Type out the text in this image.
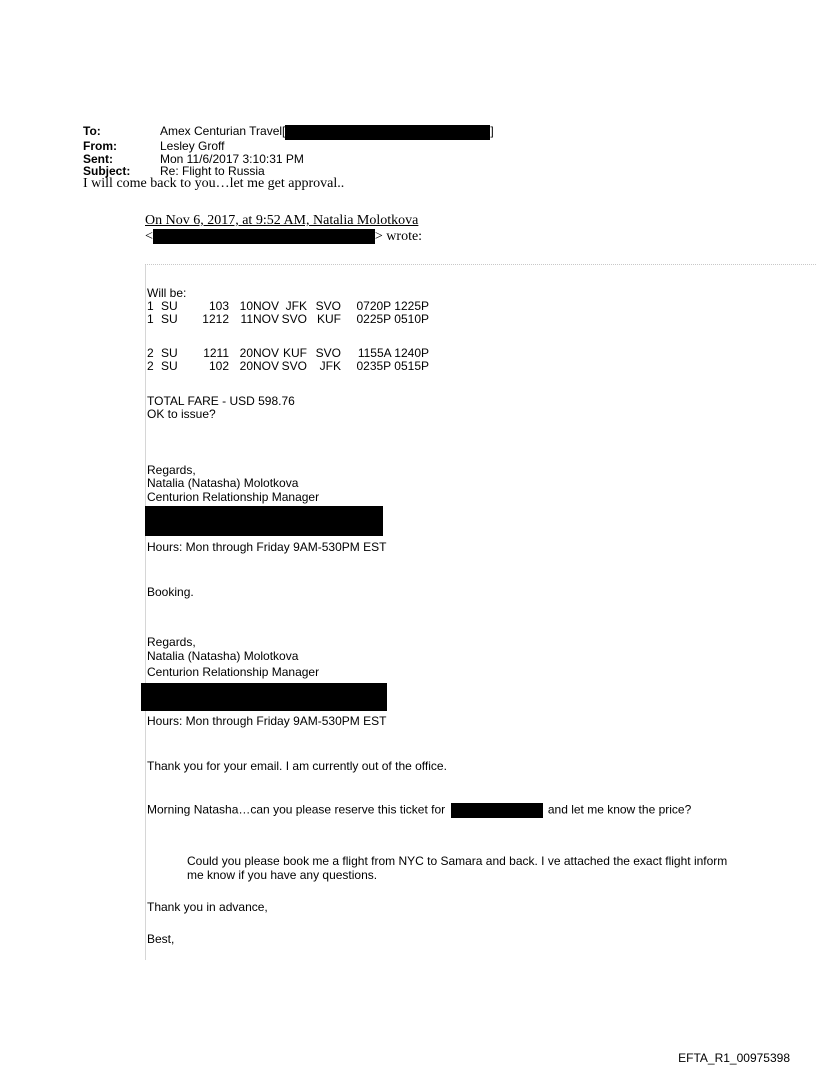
To:	Amex Centurian Travel[	]
From:	Lesley Groff
Sent:	Mon 11/6/2017 3:10:31 PM
Subject:	Re: Flight to Russia
I will come back to you…let me get approval..
On Nov 6, 2017, at 9:52 AM, Natalia Molotkova
<	> wrote:
Will be:
1 SU	103 10NOV JFK SVO 0720P 1225P
1 SU 1212 11NOV SVO KUF 0225P 0510P
2 SU 1211 20NOV KUF SVO 1155A 1240P
2 SU	102 20NOV SVO JFK 0235P 0515P
TOTAL FARE - USD 598.76
OK to issue?
Regards,
Natalia (Natasha) Molotkova
Centurion Relationship Manager
Hours: Mon through Friday 9AM-530PM EST
Booking.
Regards,
Natalia (Natasha) Molotkova
Centurion Relationship Manager
Hours: Mon through Friday 9AM-530PM EST
Thank you for your email. I am currently out of the office.
Morning Natasha…can you please reserve this ticket for	and let me know the price?
Could you please book me a flight from NYC to Samara and back. I ve attached the exact flight inform
me know if you have any questions.
Thank you in advance,
Best,
EFTA_R1_00975398
